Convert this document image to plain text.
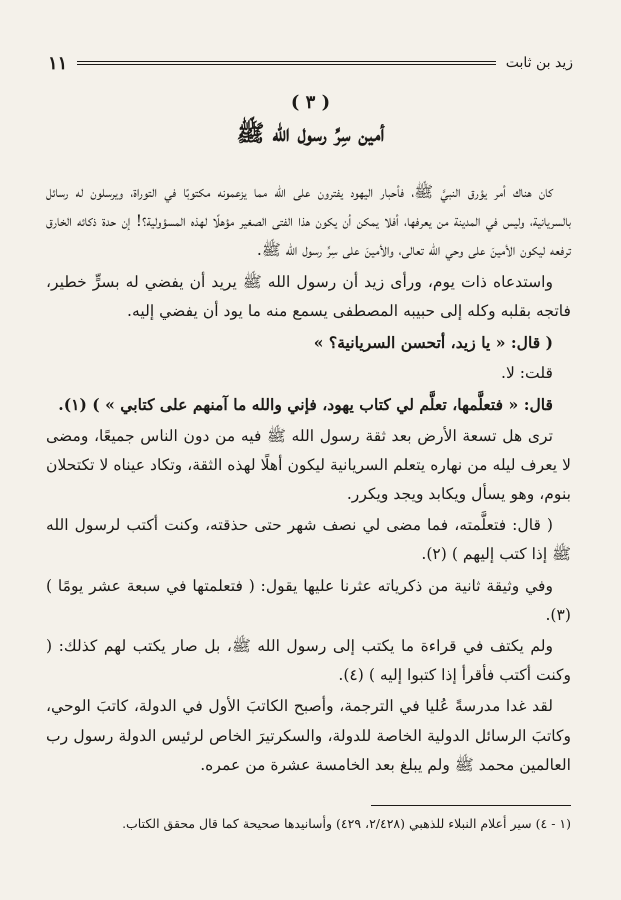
١١	زيد بن ثابت
( ٣ )
أمين سِرِّ رسول الله ﷺ

كان هناك أمر يؤرق النبيَّ ﷺ، فأحبار اليهود يفترون على الله مما يزعمونه مكتوبًا في التوراة، ويرسلون له رسائل بالسريانية، وليس في المدينة من يعرفها، أفلا يمكن أن يكون هذا الفتى الصغير مؤهلًا لهذه المسؤولية؟! إن حدة ذكائه الخارق ترفعه ليكون الأمينَ على وحي الله تعالى، والأمينَ على سِرِّ رسول الله ﷺ.

واستدعاه ذات يوم، ورأى زيد أن رسول الله ﷺ يريد أن يفضي له بسرٍّ خطير، فاتجه بقلبه وكله إلى حبيبه المصطفى يسمع منه ما يود أن يفضي إليه.

( قال: « يا زيد، أتحسن السريانية؟ »

قلت: لا.

قال: « فتعلَّمها، تعلَّم لي كتاب يهود، فإني والله ما آمنهم على كتابي » ) (١).

ترى هل تسعة الأرض بعد ثقة رسول الله ﷺ فيه من دون الناس جميعًا، ومضى لا يعرف ليله من نهاره يتعلم السريانية ليكون أهلًا لهذه الثقة، وتكاد عيناه لا تكتحلان بنوم، وهو يسأل ويكابد ويجد ويكرر.

( قال: فتعلَّمته، فما مضى لي نصف شهر حتى حذقته، وكنت أكتب لرسول الله ﷺ إذا كتب إليهم ) (٢).

وفي وثيقة ثانية من ذكرياته عثرنا عليها يقول: ( فتعلمتها في سبعة عشر يومًا ) (٣).

ولم يكتف في قراءة ما يكتب إلى رسول الله ﷺ، بل صار يكتب لهم كذلك: ( وكنت أكتب فأقرأ إذا كتبوا إليه ) (٤).

لقد غدا مدرسةً عُليا في الترجمة، وأصبح الكاتبَ الأول في الدولة، كاتبَ الوحي، وكاتبَ الرسائل الدولية الخاصة للدولة، والسكرتيرَ الخاص لرئيس الدولة رسول رب العالمين محمد ﷺ ولم يبلغ بعد الخامسة عشرة من عمره.

(١ - ٤) سير أعلام النبلاء للذهبي (٢/٤٢٨، ٤٢٩) وأسانيدها صحيحة كما قال محقق الكتاب.
